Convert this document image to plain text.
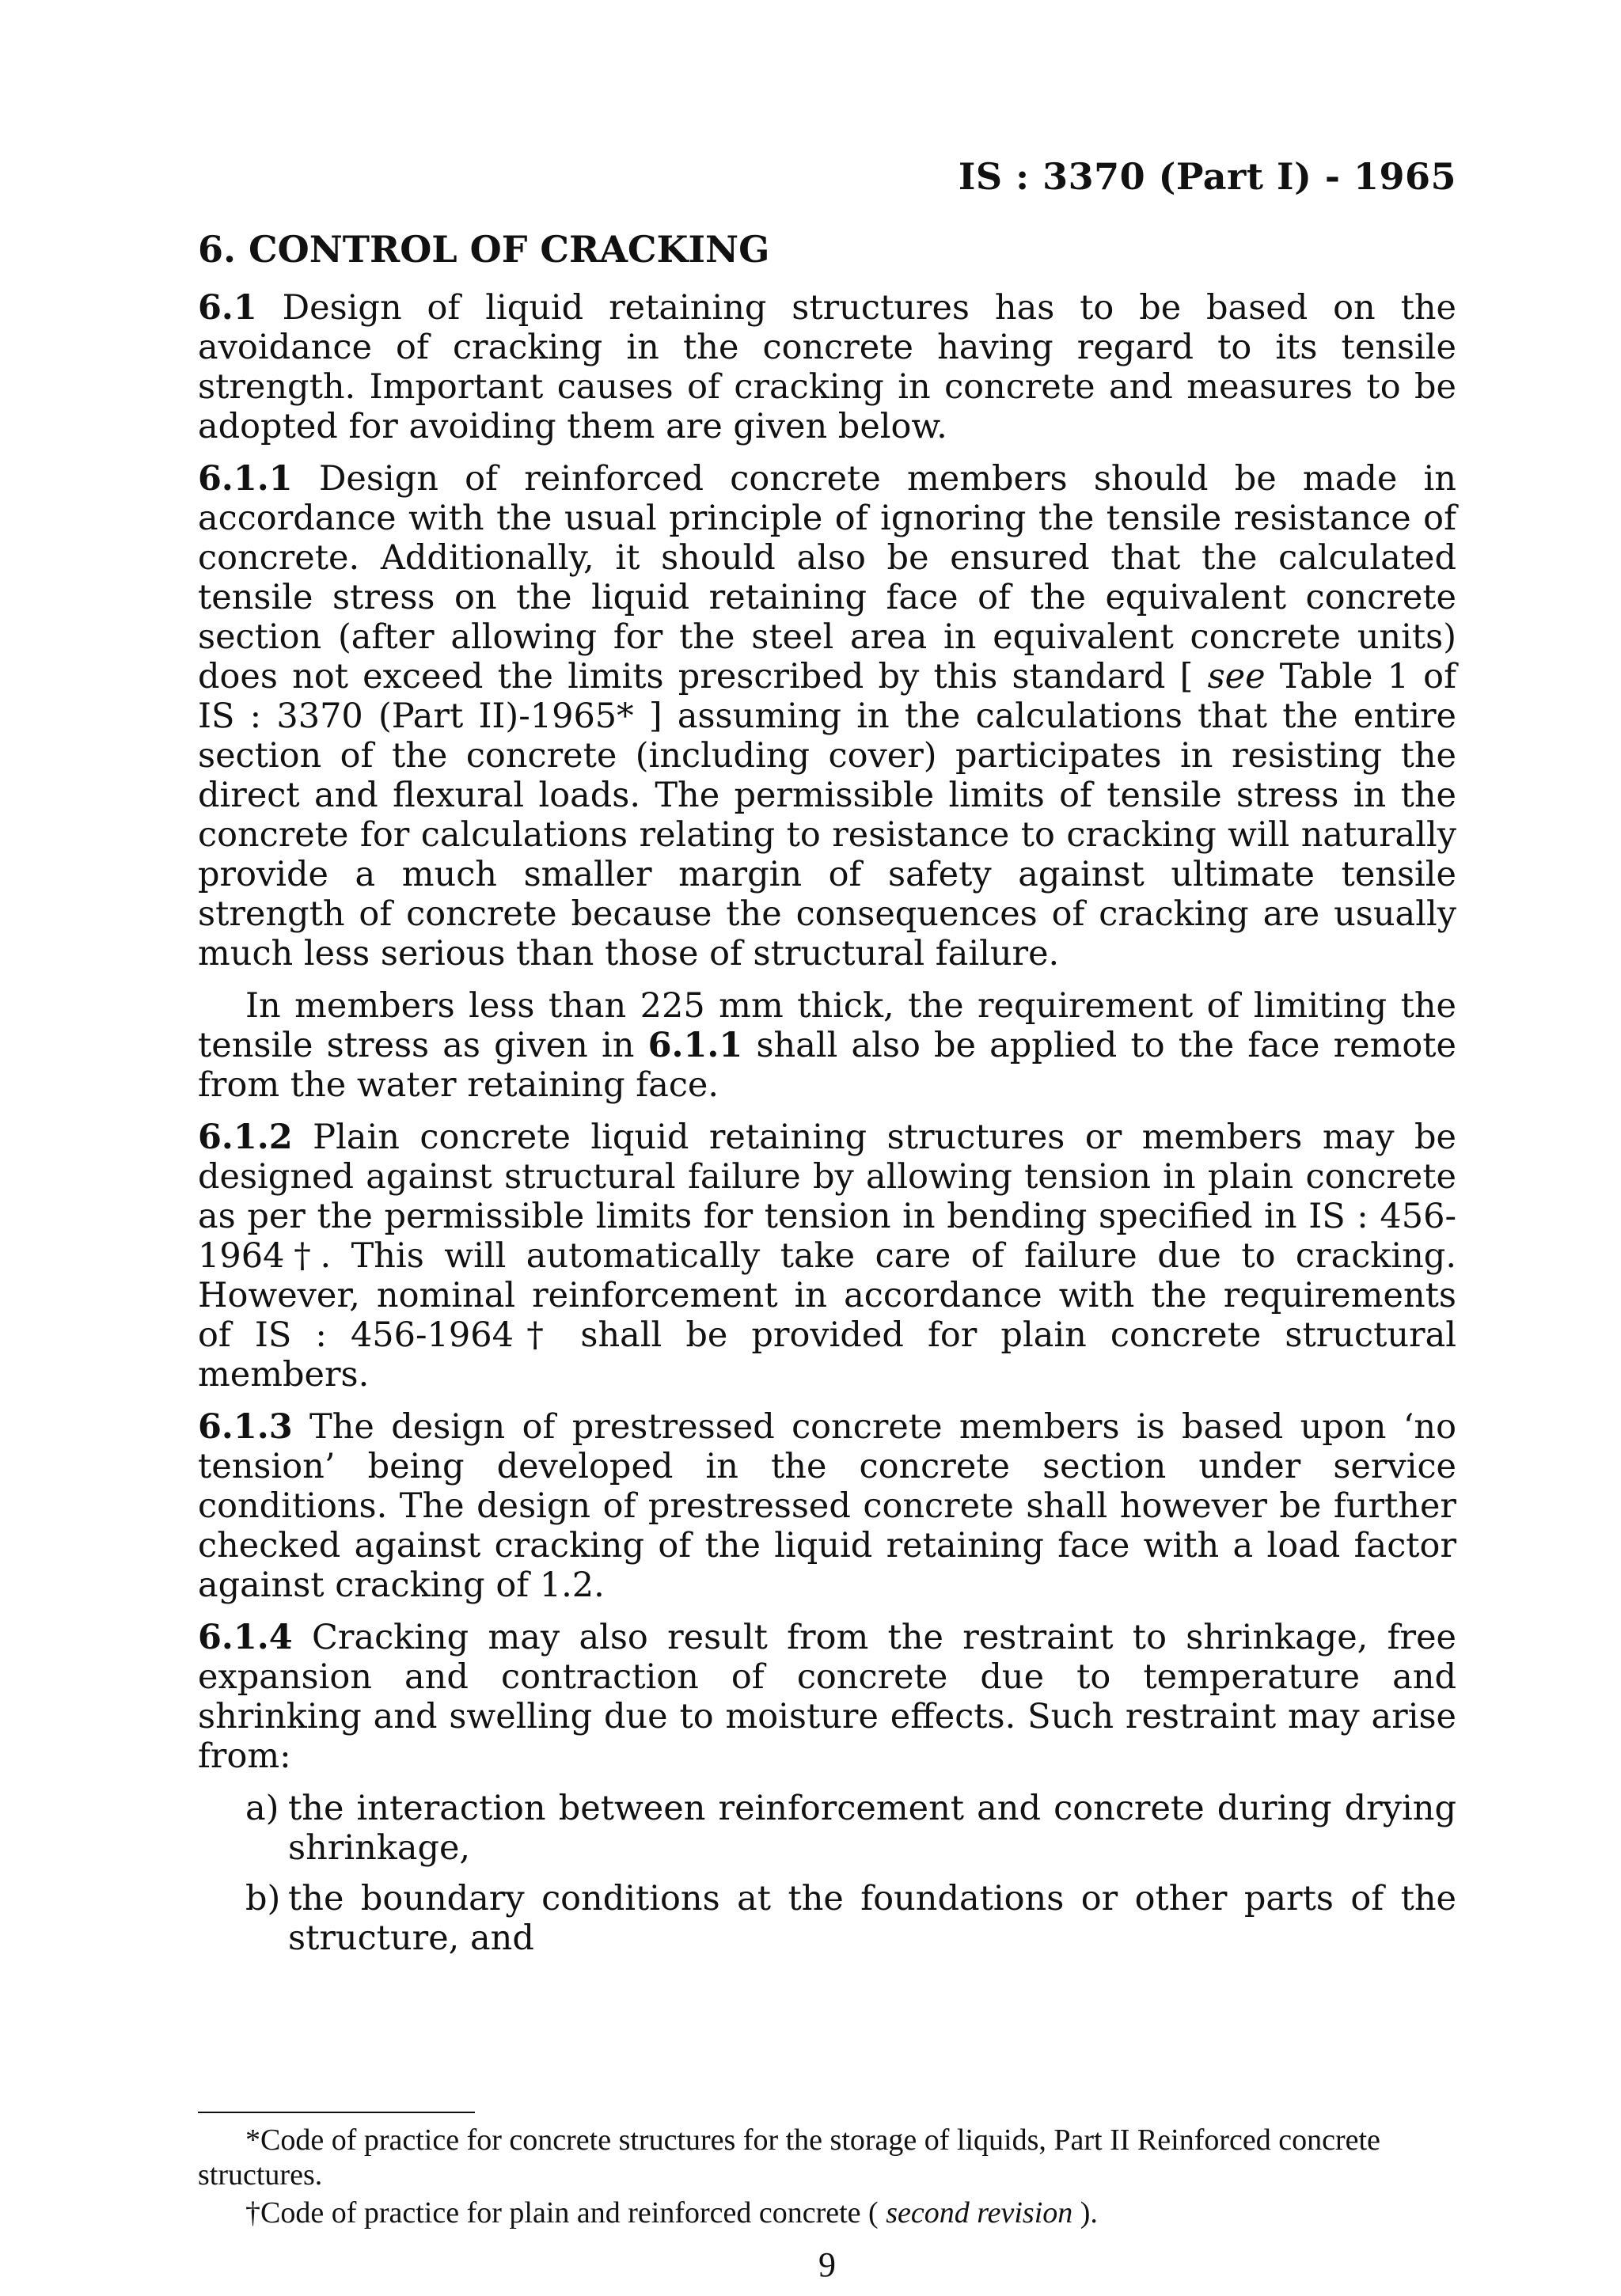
IS : 3370 (Part I) - 1965
6. CONTROL OF CRACKING

6.1 Design of liquid retaining structures has to be based on the avoidance of cracking in the concrete having regard to its tensile strength. Important causes of cracking in concrete and measures to be adopted for avoiding them are given below.

6.1.1 Design of reinforced concrete members should be made in accordance with the usual principle of ignoring the tensile resistance of concrete. Additionally, it should also be ensured that the calculated tensile stress on the liquid retaining face of the equivalent concrete section (after allowing for the steel area in equivalent concrete units) does not exceed the limits prescribed by this standard [ see Table 1 of IS : 3370 (Part II)-1965* ] assuming in the calculations that the entire section of the concrete (including cover) participates in resisting the direct and flexural loads. The permissible limits of tensile stress in the concrete for calculations relating to resistance to cracking will naturally provide a much smaller margin of safety against ultimate tensile strength of concrete because the consequences of cracking are usually much less serious than those of structural failure.

In members less than 225 mm thick, the requirement of limiting the tensile stress as given in 6.1.1 shall also be applied to the face remote from the water retaining face.

6.1.2 Plain concrete liquid retaining structures or members may be designed against structural failure by allowing tension in plain concrete as per the permissible limits for tension in bending specified in IS : 456-1964†. This will automatically take care of failure due to cracking. However, nominal reinforcement in accordance with the requirements of IS : 456-1964† shall be provided for plain concrete structural members.

6.1.3 The design of prestressed concrete members is based upon ‘no tension’ being developed in the concrete section under service conditions. The design of prestressed concrete shall however be further checked against cracking of the liquid retaining face with a load factor against cracking of 1.2.

6.1.4 Cracking may also result from the restraint to shrinkage, free expansion and contraction of concrete due to temperature and shrinking and swelling due to moisture effects. Such restraint may arise from:

a) the interaction between reinforcement and concrete during drying shrinkage,
b) the boundary conditions at the foundations or other parts of the structure, and

*Code of practice for concrete structures for the storage of liquids, Part II Reinforced concrete structures.

†Code of practice for plain and reinforced concrete ( second revision ).

9
